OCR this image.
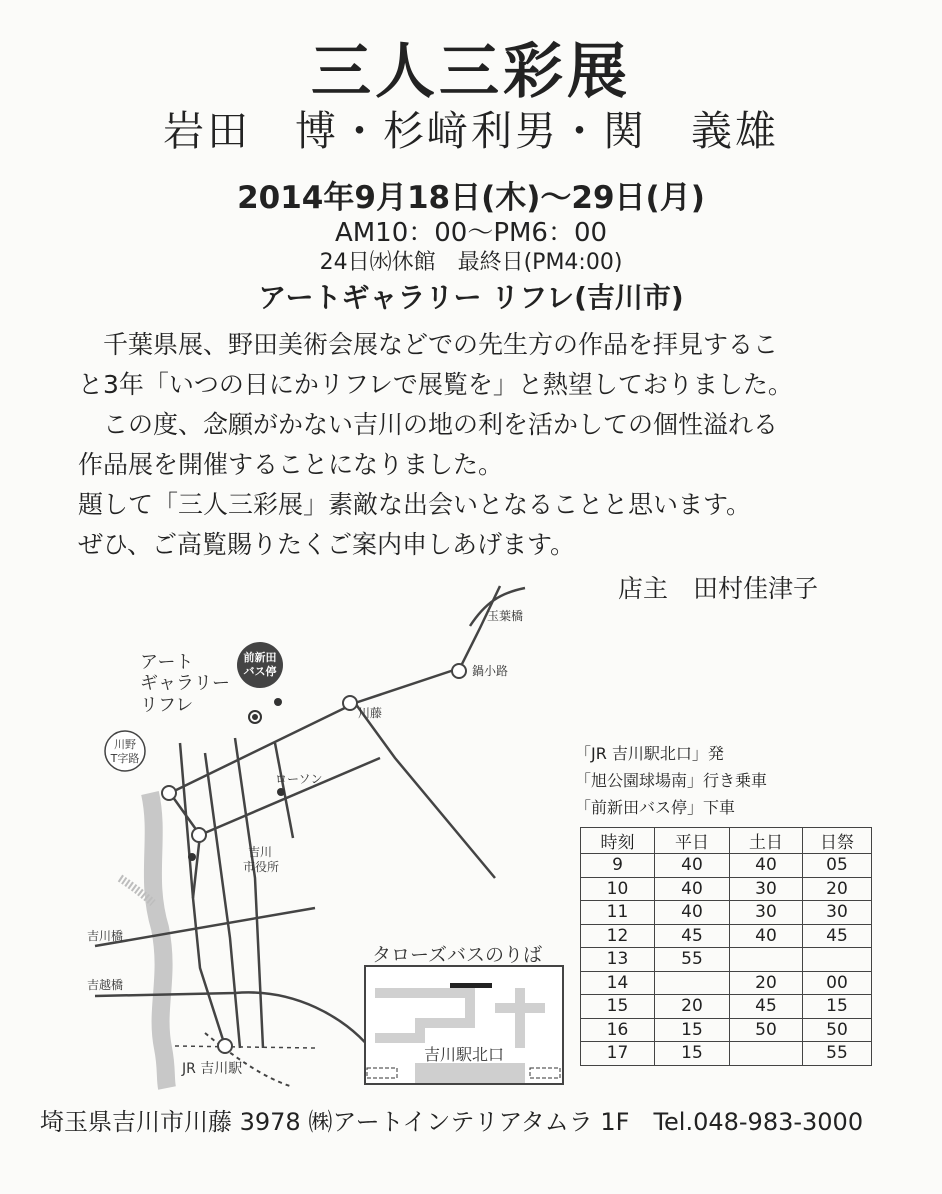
三人三彩展
岩田　博・杉﨑利男・関　義雄
2014年9月18日(木)～29日(月)
AM10：00～PM6：00
24日㈬休館　最終日(PM4:00)
アートギャラリー リフレ(吉川市)

　千葉県展、野田美術会展などでの先生方の作品を拝見するこ

と3年「いつの日にかリフレで展覧を」と熱望しておりました。

　この度、念願がかない吉川の地の利を活かしての個性溢れる

作品展を開催することになりました。

題して「三人三彩展」素敵な出会いとなることと思います。

ぜひ、ご高覧賜りたくご案内申しあげます。

店主　田村佳津子
前新田
バス停
川野
T字路
アート
ギャラリー
リフレ
玉葉橋
鍋小路
川藤
ローソン
吉川
市役所
吉川橋
吉越橋
JR 吉川駅
タローズバスのりば
吉川駅北口
「JR 吉川駅北口」発
「旭公園球場南」行き乗車
「前新田バス停」下車
時刻	平日	土日	日祭
9	40	40	05
10	40	30	20
11	40	30	30
12	45	40	45
13	55		
14		20	00
15	20	45	15
16	15	50	50
17	15		55
埼玉県吉川市川藤 3978 ㈱アートインテリアタムラ 1F　Tel.048-983-3000
